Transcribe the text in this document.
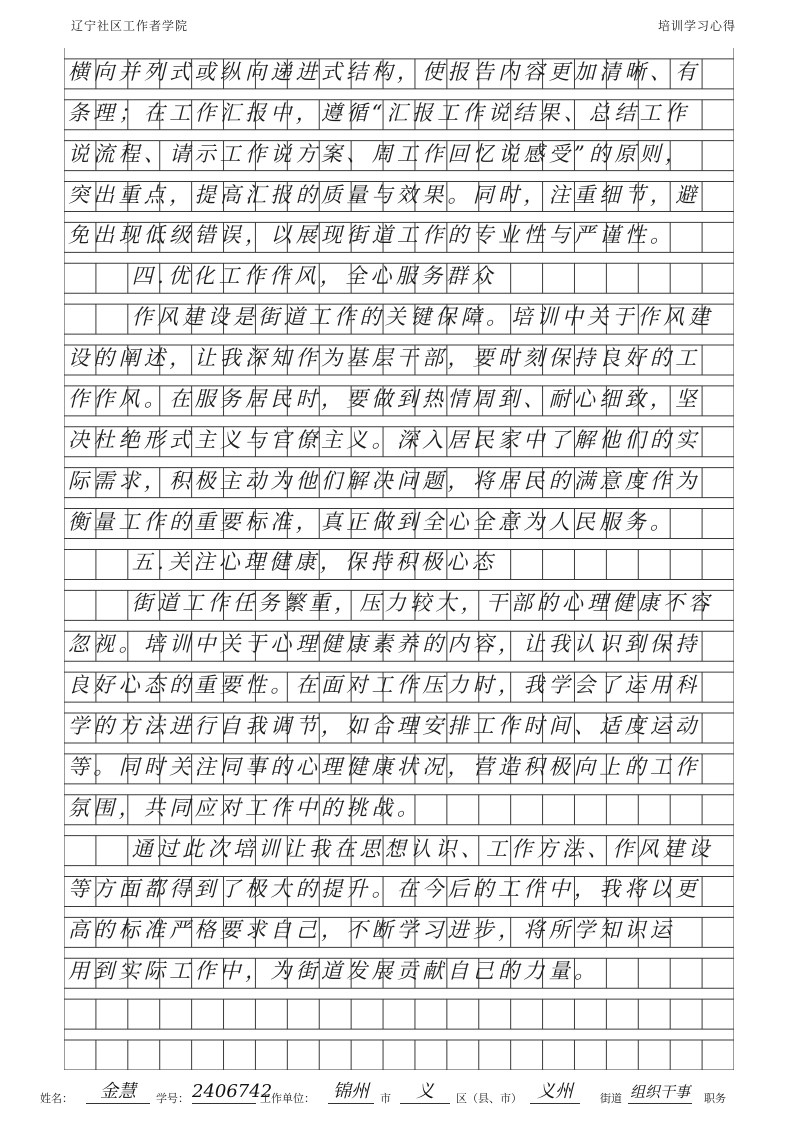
辽宁社区工作者学院	培训学习心得
横向并列式或纵向递进式结构，使报告内容更加清晰、有
条理；在工作汇报中，遵循“汇报工作说结果、总结工作
说流程、请示工作说方案、周工作回忆说感受”的原则，
突出重点，提高汇报的质量与效果。同时，注重细节，避
免出现低级错误，以展现街道工作的专业性与严谨性。
四.优化工作作风，全心服务群众
作风建设是街道工作的关键保障。培训中关于作风建
设的阐述，让我深知作为基层干部，要时刻保持良好的工
作作风。在服务居民时，要做到热情周到、耐心细致，坚
决杜绝形式主义与官僚主义。深入居民家中了解他们的实
际需求，积极主动为他们解决问题，将居民的满意度作为
衡量工作的重要标准，真正做到全心全意为人民服务。
五.关注心理健康，保持积极心态
街道工作任务繁重，压力较大，干部的心理健康不容
忽视。培训中关于心理健康素养的内容，让我认识到保持
良好心态的重要性。在面对工作压力时，我学会了运用科
学的方法进行自我调节，如合理安排工作时间、适度运动
等。同时关注同事的心理健康状况，营造积极向上的工作
氛围，共同应对工作中的挑战。
通过此次培训让我在思想认识、工作方法、作风建设
等方面都得到了极大的提升。在今后的工作中，我将以更
高的标准严格要求自己，不断学习进步，将所学知识运
用到实际工作中，为街道发展贡献自己的力量。
姓名：	金慧	学号： 2406742
工作单位： 锦州	市	义	区（县、市） 义州	街道 组织干事 职务
